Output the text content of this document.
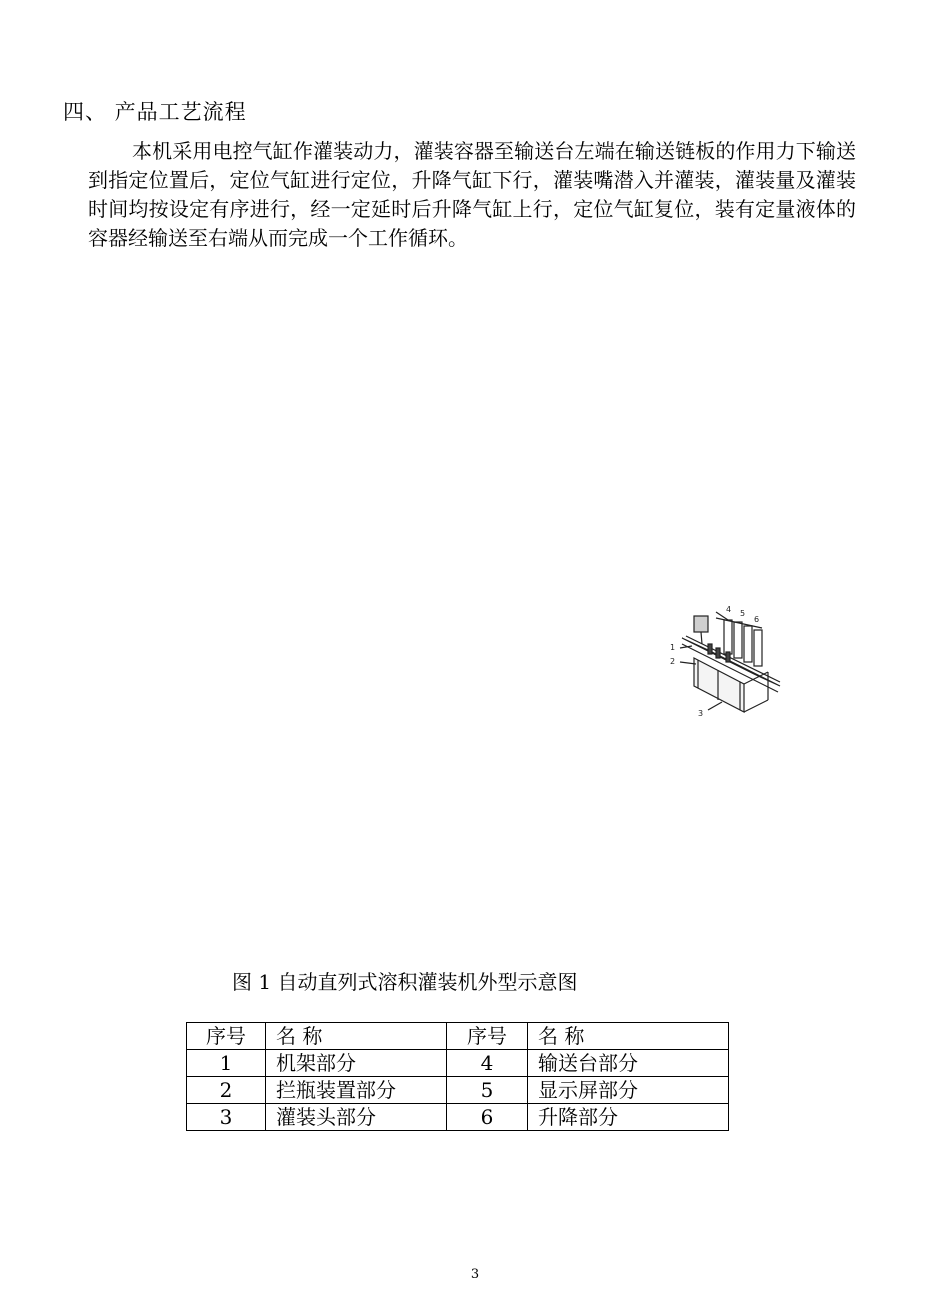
四、 产品工艺流程
本机采用电控气缸作灌装动力，灌装容器至输送台左端在输送链板的作用力下输送到指定位置后，定位气缸进行定位，升降气缸下行，灌装嘴潜入并灌装，灌装量及灌装时间均按设定有序进行，经一定延时后升降气缸上行，定位气缸复位，装有定量液体的容器经输送至右端从而完成一个工作循环。
4 5
6
1
2
3
图 1 自动直列式溶积灌装机外型示意图
序号	名 称	序号	名 称
1	机架部分	4	输送台部分
2	拦瓶装置部分	5	显示屏部分
3	灌装头部分	6	升降部分
3
